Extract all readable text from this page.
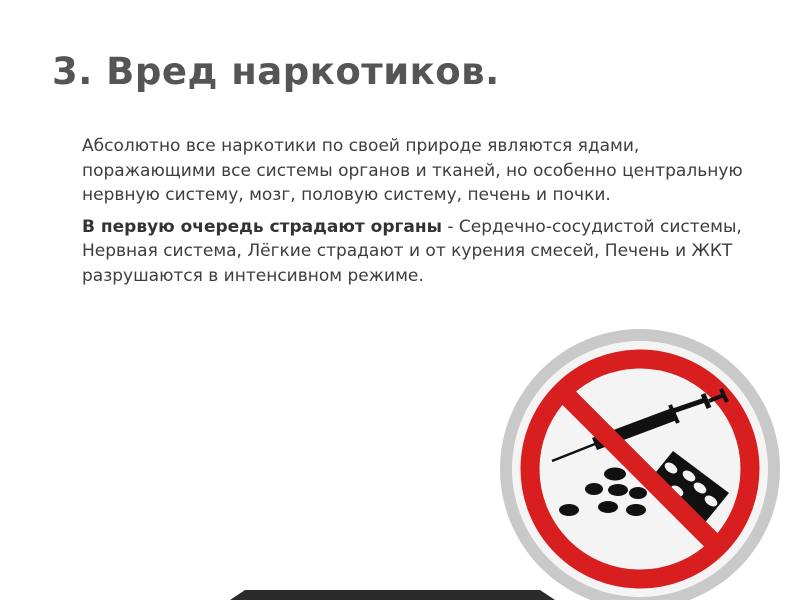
3. Вред наркотиков.
Абсолютно все наркотики по своей природе являются ядами, поражающими все системы органов и тканей, но особенно центральную нервную систему, мозг, половую систему, печень и почки.
В первую очередь страдают органы - Сердечно-сосудистой системы, Нервная система, Лёгкие страдают и от курения смесей, Печень и ЖКТ разрушаются в интенсивном режиме.
